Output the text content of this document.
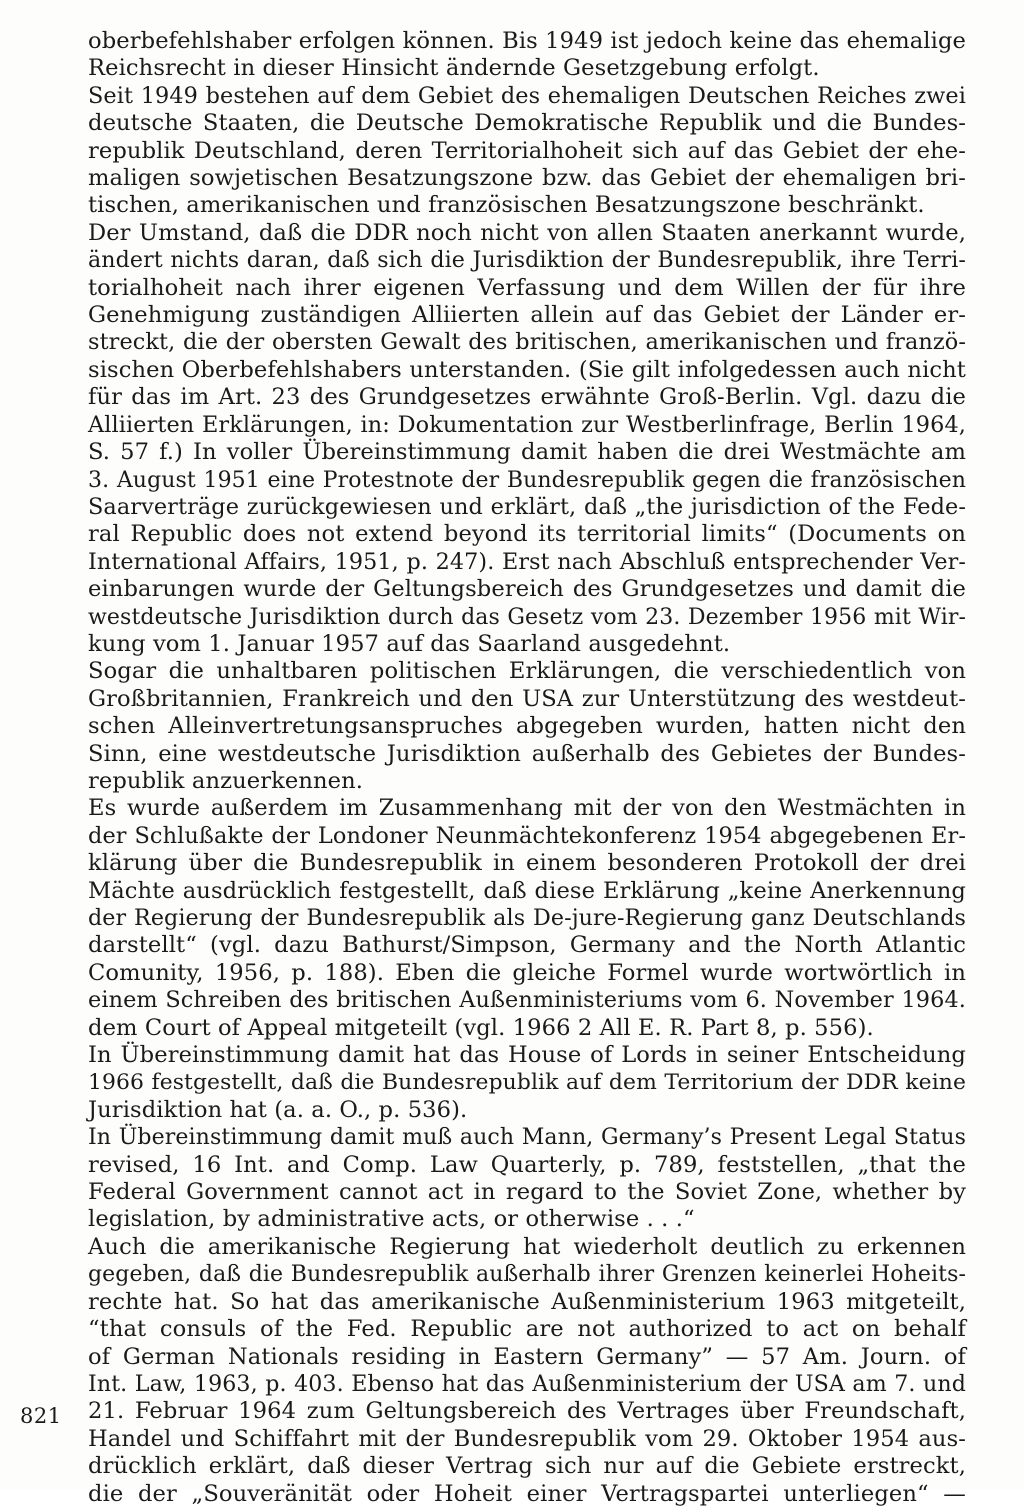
oberbefehlshaber erfolgen können. Bis 1949 ist jedoch keine das ehemalige
Reichsrecht in dieser Hinsicht ändernde Gesetzgebung erfolgt.

Seit 1949 bestehen auf dem Gebiet des ehemaligen Deutschen Reiches zwei
deutsche Staaten, die Deutsche Demokratische Republik und die Bundes-
republik Deutschland, deren Territorialhoheit sich auf das Gebiet der ehe-
maligen sowjetischen Besatzungszone bzw. das Gebiet der ehemaligen bri-
tischen, amerikanischen und französischen Besatzungszone beschränkt.

Der Umstand, daß die DDR noch nicht von allen Staaten anerkannt wurde,
ändert nichts daran, daß sich die Jurisdiktion der Bundesrepublik, ihre Terri-
torialhoheit nach ihrer eigenen Verfassung und dem Willen der für ihre
Genehmigung zuständigen Alliierten allein auf das Gebiet der Länder er-
streckt, die der obersten Gewalt des britischen, amerikanischen und franzö-
sischen Oberbefehlshabers unterstanden. (Sie gilt infolgedessen auch nicht
für das im Art. 23 des Grundgesetzes erwähnte Groß-Berlin. Vgl. dazu die
Alliierten Erklärungen, in: Dokumentation zur Westberlinfrage, Berlin 1964,
S. 57 f.) In voller Übereinstimmung damit haben die drei Westmächte am
3. August 1951 eine Protestnote der Bundesrepublik gegen die französischen
Saarverträge zurückgewiesen und erklärt, daß „the jurisdiction of the Fede-
ral Republic does not extend beyond its territorial limits“ (Documents on
International Affairs, 1951, p. 247). Erst nach Abschluß entsprechender Ver-
einbarungen wurde der Geltungsbereich des Grundgesetzes und damit die
westdeutsche Jurisdiktion durch das Gesetz vom 23. Dezember 1956 mit Wir-
kung vom 1. Januar 1957 auf das Saarland ausgedehnt.

Sogar die unhaltbaren politischen Erklärungen, die verschiedentlich von
Großbritannien, Frankreich und den USA zur Unterstützung des westdeut-
schen Alleinvertretungsanspruches abgegeben wurden, hatten nicht den
Sinn, eine westdeutsche Jurisdiktion außerhalb des Gebietes der Bundes-
republik anzuerkennen.

Es wurde außerdem im Zusammenhang mit der von den Westmächten in
der Schlußakte der Londoner Neunmächtekonferenz 1954 abgegebenen Er-
klärung über die Bundesrepublik in einem besonderen Protokoll der drei
Mächte ausdrücklich festgestellt, daß diese Erklärung „keine Anerkennung
der Regierung der Bundesrepublik als De-jure-Regierung ganz Deutschlands
darstellt“ (vgl. dazu Bathurst/Simpson, Germany and the North Atlantic
Comunity, 1956, p. 188). Eben die gleiche Formel wurde wortwörtlich in
einem Schreiben des britischen Außenministeriums vom 6. November 1964.
dem Court of Appeal mitgeteilt (vgl. 1966 2 All E. R. Part 8, p. 556).

In Übereinstimmung damit hat das House of Lords in seiner Entscheidung
1966 festgestellt, daß die Bundesrepublik auf dem Territorium der DDR keine
Jurisdiktion hat (a. a. O., p. 536).

In Übereinstimmung damit muß auch Mann, Germany’s Present Legal Status
revised, 16 Int. and Comp. Law Quarterly, p. 789, feststellen, „that the
Federal Government cannot act in regard to the Soviet Zone, whether by
legislation, by administrative acts, or otherwise . . .“

Auch die amerikanische Regierung hat wiederholt deutlich zu erkennen
gegeben, daß die Bundesrepublik außerhalb ihrer Grenzen keinerlei Hoheits-
rechte hat. So hat das amerikanische Außenministerium 1963 mitgeteilt,
“that consuls of the Fed. Republic are not authorized to act on behalf
of German Nationals residing in Eastern Germany” — 57 Am. Journ. of
Int. Law, 1963, p. 403. Ebenso hat das Außenministerium der USA am 7. und
21. Februar 1964 zum Geltungsbereich des Vertrages über Freundschaft,
Handel und Schiffahrt mit der Bundesrepublik vom 29. Oktober 1954 aus-
drücklich erklärt, daß dieser Vertrag sich nur auf die Gebiete erstreckt,
die der „Souveränität oder Hoheit einer Vertragspartei unterliegen“ —

821
